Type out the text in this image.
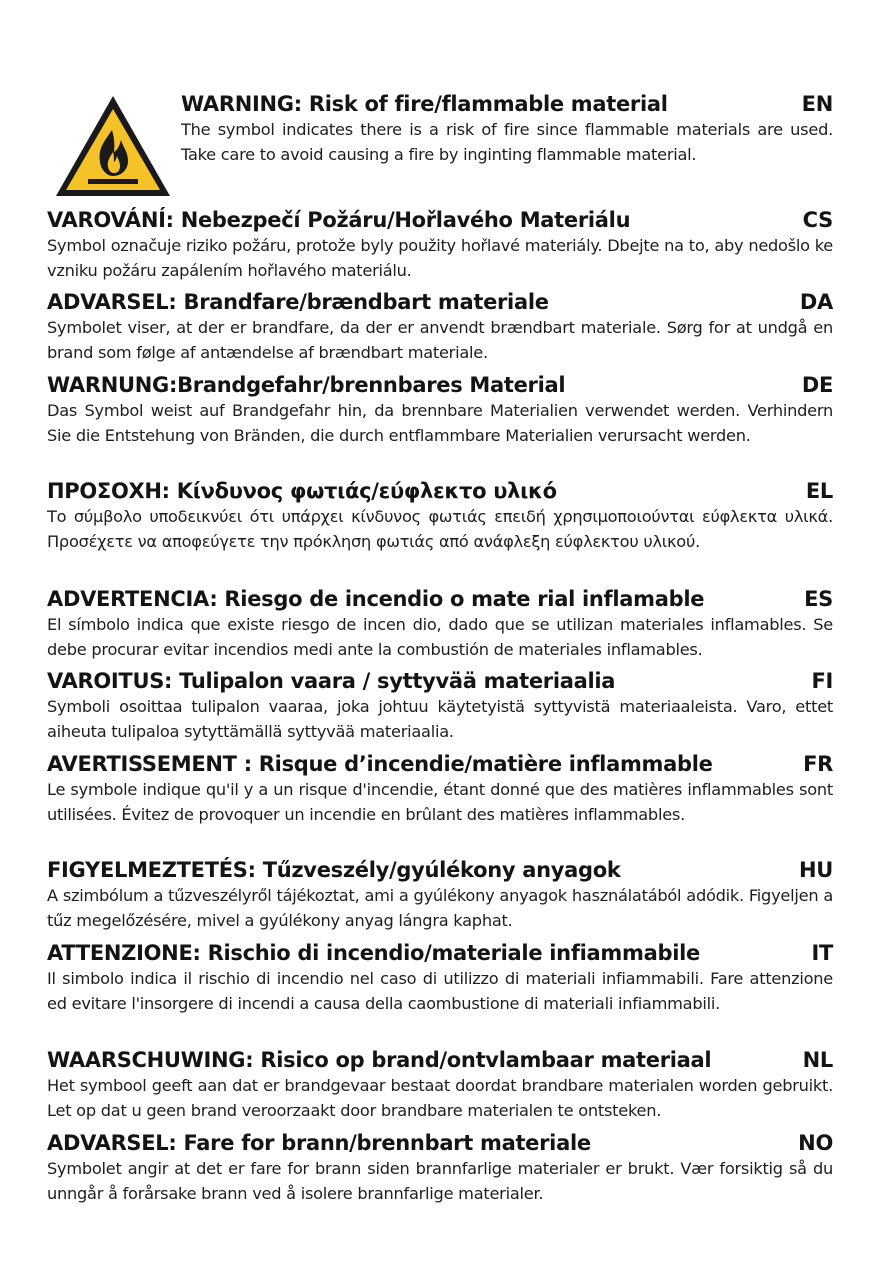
WARNING: Risk of fire/flammable material	EN
The symbol indicates there is a risk of fire since flammable materials are used. Take care to avoid causing a fire by inginting flammable material.
VAROVÁNÍ: Nebezpečí Požáru/Hořlavého Materiálu	CS
Symbol označuje riziko požáru, protože byly použity hořlavé materiály. Dbejte na to, aby nedošlo ke vzniku požáru zapálením hořlavého materiálu.
ADVARSEL: Brandfare/brændbart materiale	DA
Symbolet viser, at der er brandfare, da der er anvendt brændbart materiale. Sørg for at undgå en brand som følge af antændelse af brændbart materiale.
WARNUNG:Brandgefahr/brennbares Material	DE
Das Symbol weist auf Brandgefahr hin, da brennbare Materialien verwendet werden. Verhindern Sie die Entstehung von Bränden, die durch entflammbare Materialien verursacht werden.
ΠΡΟΣΟΧΗ: Κίνδυνος φωτιάς/εύφλεκτο υλικό	EL
Το σύμβολο υποδεικνύει ότι υπάρχει κίνδυνος φωτιάς επειδή χρησιμοποιούνται εύφλεκτα υλικά. Προσέχετε να αποφεύγετε την πρόκληση φωτιάς από ανάφλεξη εύφλεκτου υλικού.
ADVERTENCIA: Riesgo de incendio o mate rial inflamable	ES
El símbolo indica que existe riesgo de incen dio, dado que se utilizan materiales inflamables. Se debe procurar evitar incendios medi ante la combustión de materiales inflamables.
VAROITUS: Tulipalon vaara / syttyvää materiaalia	FI
Symboli osoittaa tulipalon vaaraa, joka johtuu käytetyistä syttyvistä materiaaleista. Varo, ettet aiheuta tulipaloa sytyttämällä syttyvää materiaalia.
AVERTISSEMENT : Risque d’incendie/matière inflammable	FR
Le symbole indique qu'il y a un risque d'incendie, étant donné que des matières inflammables sont utilisées. Évitez de provoquer un incendie en brûlant des matières inflammables.
FIGYELMEZTETÉS: Tűzveszély/gyúlékony anyagok	HU
A szimbólum a tűzveszélyről tájékoztat, ami a gyúlékony anyagok használatából adódik. Figyeljen a tűz megelőzésére, mivel a gyúlékony anyag lángra kaphat.
ATTENZIONE: Rischio di incendio/materiale infiammabile	IT
Il simbolo indica il rischio di incendio nel caso di utilizzo di materiali infiammabili. Fare attenzione ed evitare l'insorgere di incendi a causa della caombustione di materiali infiammabili.
WAARSCHUWING: Risico op brand/ontvlambaar materiaal	NL
Het symbool geeft aan dat er brandgevaar bestaat doordat brandbare materialen worden gebruikt. Let op dat u geen brand veroorzaakt door brandbare materialen te ontsteken.
ADVARSEL: Fare for brann/brennbart materiale	NO
Symbolet angir at det er fare for brann siden brannfarlige materialer er brukt. Vær forsiktig så du unngår å forårsake brann ved å isolere brannfarlige materialer.
